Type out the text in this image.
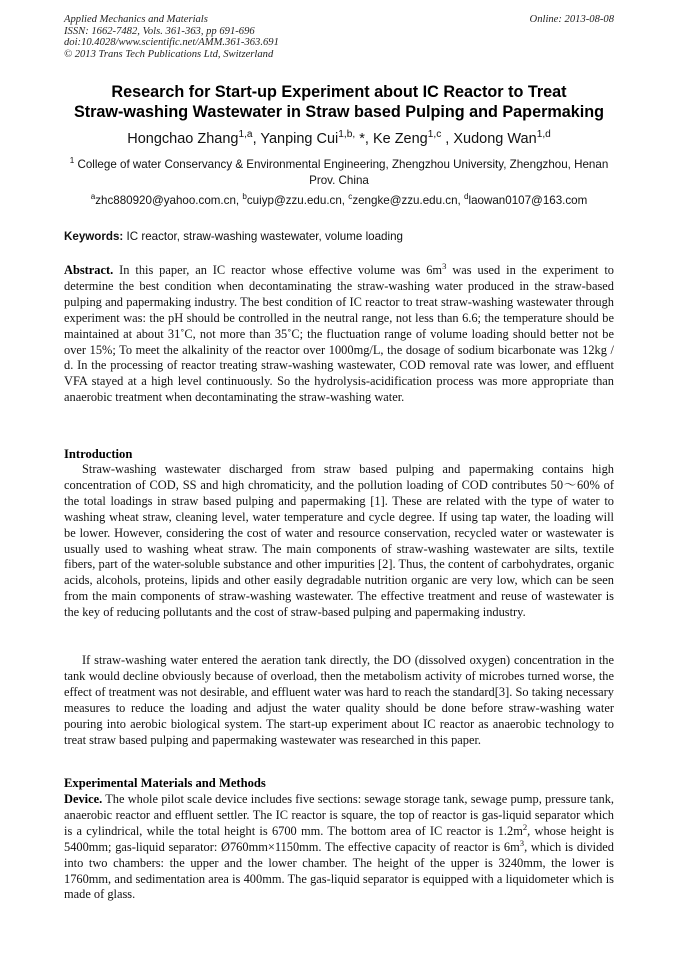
Applied Mechanics and Materials
ISSN: 1662-7482, Vols. 361-363, pp 691-696
doi:10.4028/www.scientific.net/AMM.361-363.691
© 2013 Trans Tech Publications Ltd, Switzerland
Online: 2013-08-08
Research for Start-up Experiment about IC Reactor to Treat
Straw-washing Wastewater in Straw based Pulping and Papermaking
Hongchao Zhang$^{1,a}$, Yanping Cui$^{1,b,}$ *, Ke Zeng$^{1,c}$ , Xudong Wan$^{1,d}$
$^1$ College of water Conservancy & Environmental Engineering, Zhengzhou University, Zhengzhou, Henan Prov. China
$^a$zhc880920@yahoo.com.cn, $^b$cuiyp@zzu.edu.cn, $^c$zengke@zzu.edu.cn, $^d$laowan0107@163.com
Keywords: IC reactor, straw-washing wastewater, volume loading
Abstract. In this paper, an IC reactor whose effective volume was $6m^3$ was used in the experiment to determine the best condition when decontaminating the straw-washing water produced in the straw-based pulping and papermaking industry. The best condition of IC reactor to treat straw-washing wastewater through experiment was: the pH should be controlled in the neutral range, not less than 6.6; the temperature should be maintained at about 31˚C, not more than 35˚C; the fluctuation range of volume loading should better not be over 15%; To meet the alkalinity of the reactor over 1000mg/L, the dosage of sodium bicarbonate was 12kg / d. In the processing of reactor treating straw-washing wastewater, COD removal rate was lower, and effluent VFA stayed at a high level continuously. So the hydrolysis-acidification process was more appropriate than anaerobic treatment when decontaminating the straw-washing water.
Introduction
Straw-washing wastewater discharged from straw based pulping and papermaking contains high concentration of COD, SS and high chromaticity, and the pollution loading of COD contributes 50～60% of the total loadings in straw based pulping and papermaking [1]. These are related with the type of water to washing wheat straw, cleaning level, water temperature and cycle degree. If using tap water, the loading will be lower. However, considering the cost of water and resource conservation, recycled water or wastewater is usually used to washing wheat straw. The main components of straw-washing wastewater are silts, textile fibers, part of the water-soluble substance and other impurities [2]. Thus, the content of carbohydrates, organic acids, alcohols, proteins, lipids and other easily degradable nutrition organic are very low, which can be seen from the main components of straw-washing wastewater. The effective treatment and reuse of wastewater is the key of reducing pollutants and the cost of straw-based pulping and papermaking industry.
If straw-washing water entered the aeration tank directly, the DO (dissolved oxygen) concentration in the tank would decline obviously because of overload, then the metabolism activity of microbes turned worse, the effect of treatment was not desirable, and effluent water was hard to reach the standard[3]. So taking necessary measures to reduce the loading and adjust the water quality should be done before straw-washing water pouring into aerobic biological system. The start-up experiment about IC reactor as anaerobic technology to treat straw based pulping and papermaking wastewater was researched in this paper.
Experimental Materials and Methods
Device. The whole pilot scale device includes five sections: sewage storage tank, sewage pump, pressure tank, anaerobic reactor and effluent settler. The IC reactor is square, the top of reactor is gas-liquid separator which is a cylindrical, while the total height is 6700 mm. The bottom area of IC reactor is $1.2m^2$, whose height is 5400mm; gas-liquid separator: Ø760mm×1150mm. The effective capacity of reactor is $6m^3$, which is divided into two chambers: the upper and the lower chamber. The height of the upper is 3240mm, the lower is 1760mm, and sedimentation area is 400mm. The gas-liquid separator is equipped with a liquidometer which is made of glass.
